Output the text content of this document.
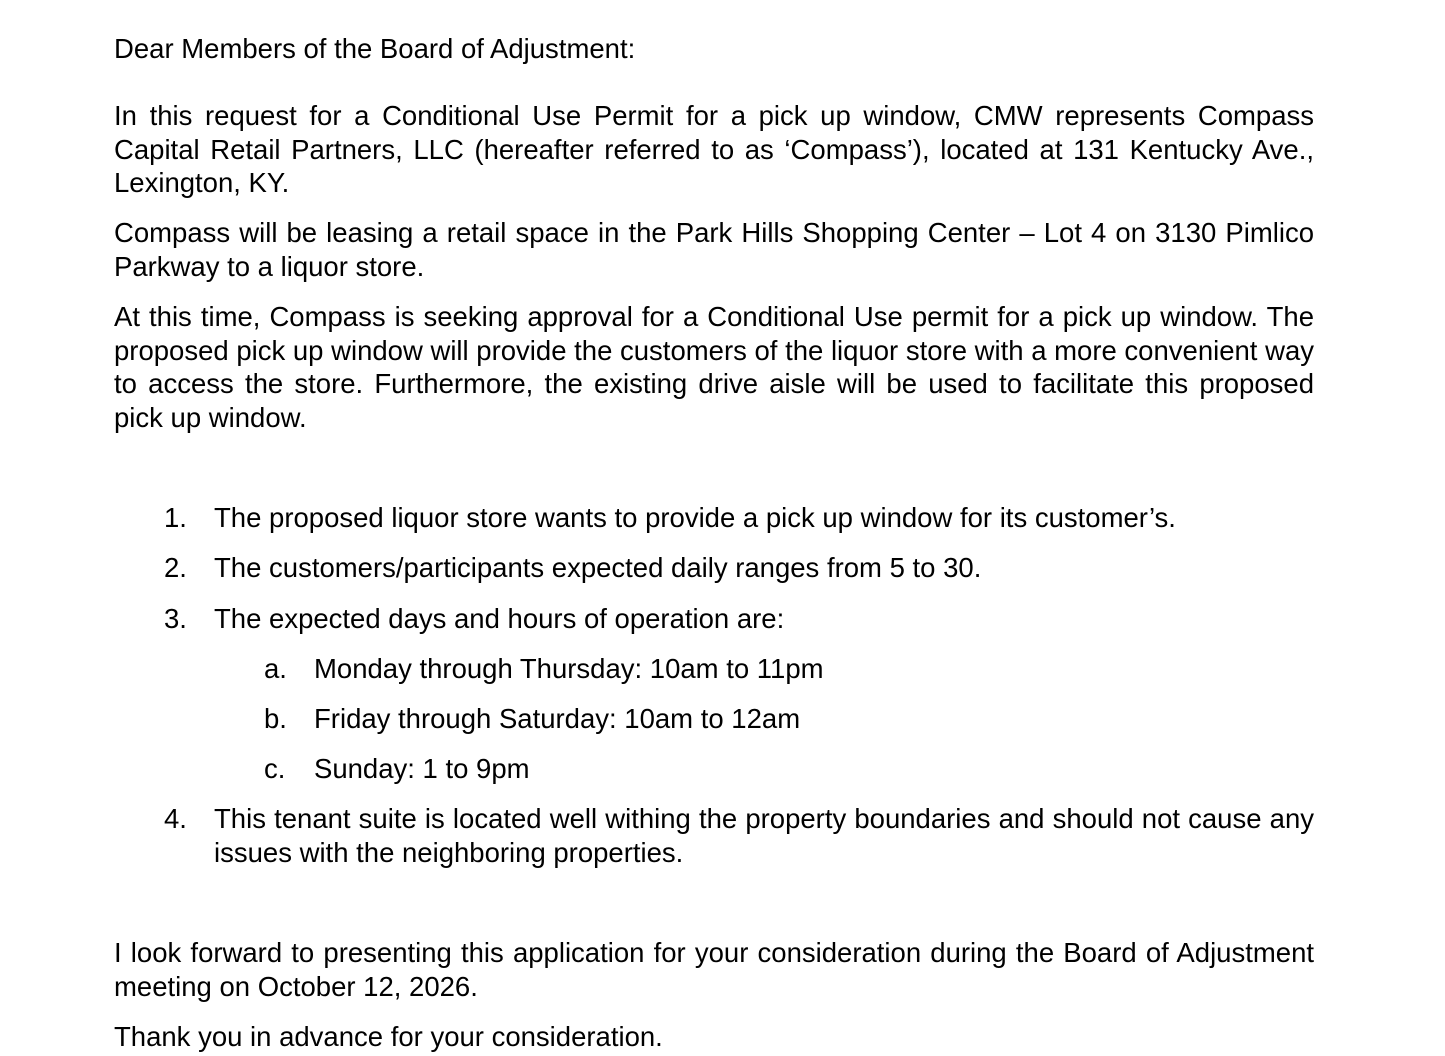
Dear Members of the Board of Adjustment:

In this request for a Conditional Use Permit for a pick up window, CMW represents Compass Capital Retail Partners, LLC (hereafter referred to as ‘Compass’), located at 131 Kentucky Ave., Lexington, KY.

Compass will be leasing a retail space in the Park Hills Shopping Center – Lot 4 on 3130 Pimlico Parkway to a liquor store.

At this time, Compass is seeking approval for a Conditional Use permit for a pick up window. The proposed pick up window will provide the customers of the liquor store with a more convenient way to access the store. Furthermore, the existing drive aisle will be used to facilitate this proposed pick up window.

1. The proposed liquor store wants to provide a pick up window for its customer’s.
2. The customers/participants expected daily ranges from 5 to 30.
3. The expected days and hours of operation are:
a. Monday through Thursday: 10am to 11pm
b. Friday through Saturday: 10am to 12am
c. Sunday: 1 to 9pm
4. This tenant suite is located well withing the property boundaries and should not cause any issues with the neighboring properties.

I look forward to presenting this application for your consideration during the Board of Adjustment meeting on October 12, 2026.

Thank you in advance for your consideration.
